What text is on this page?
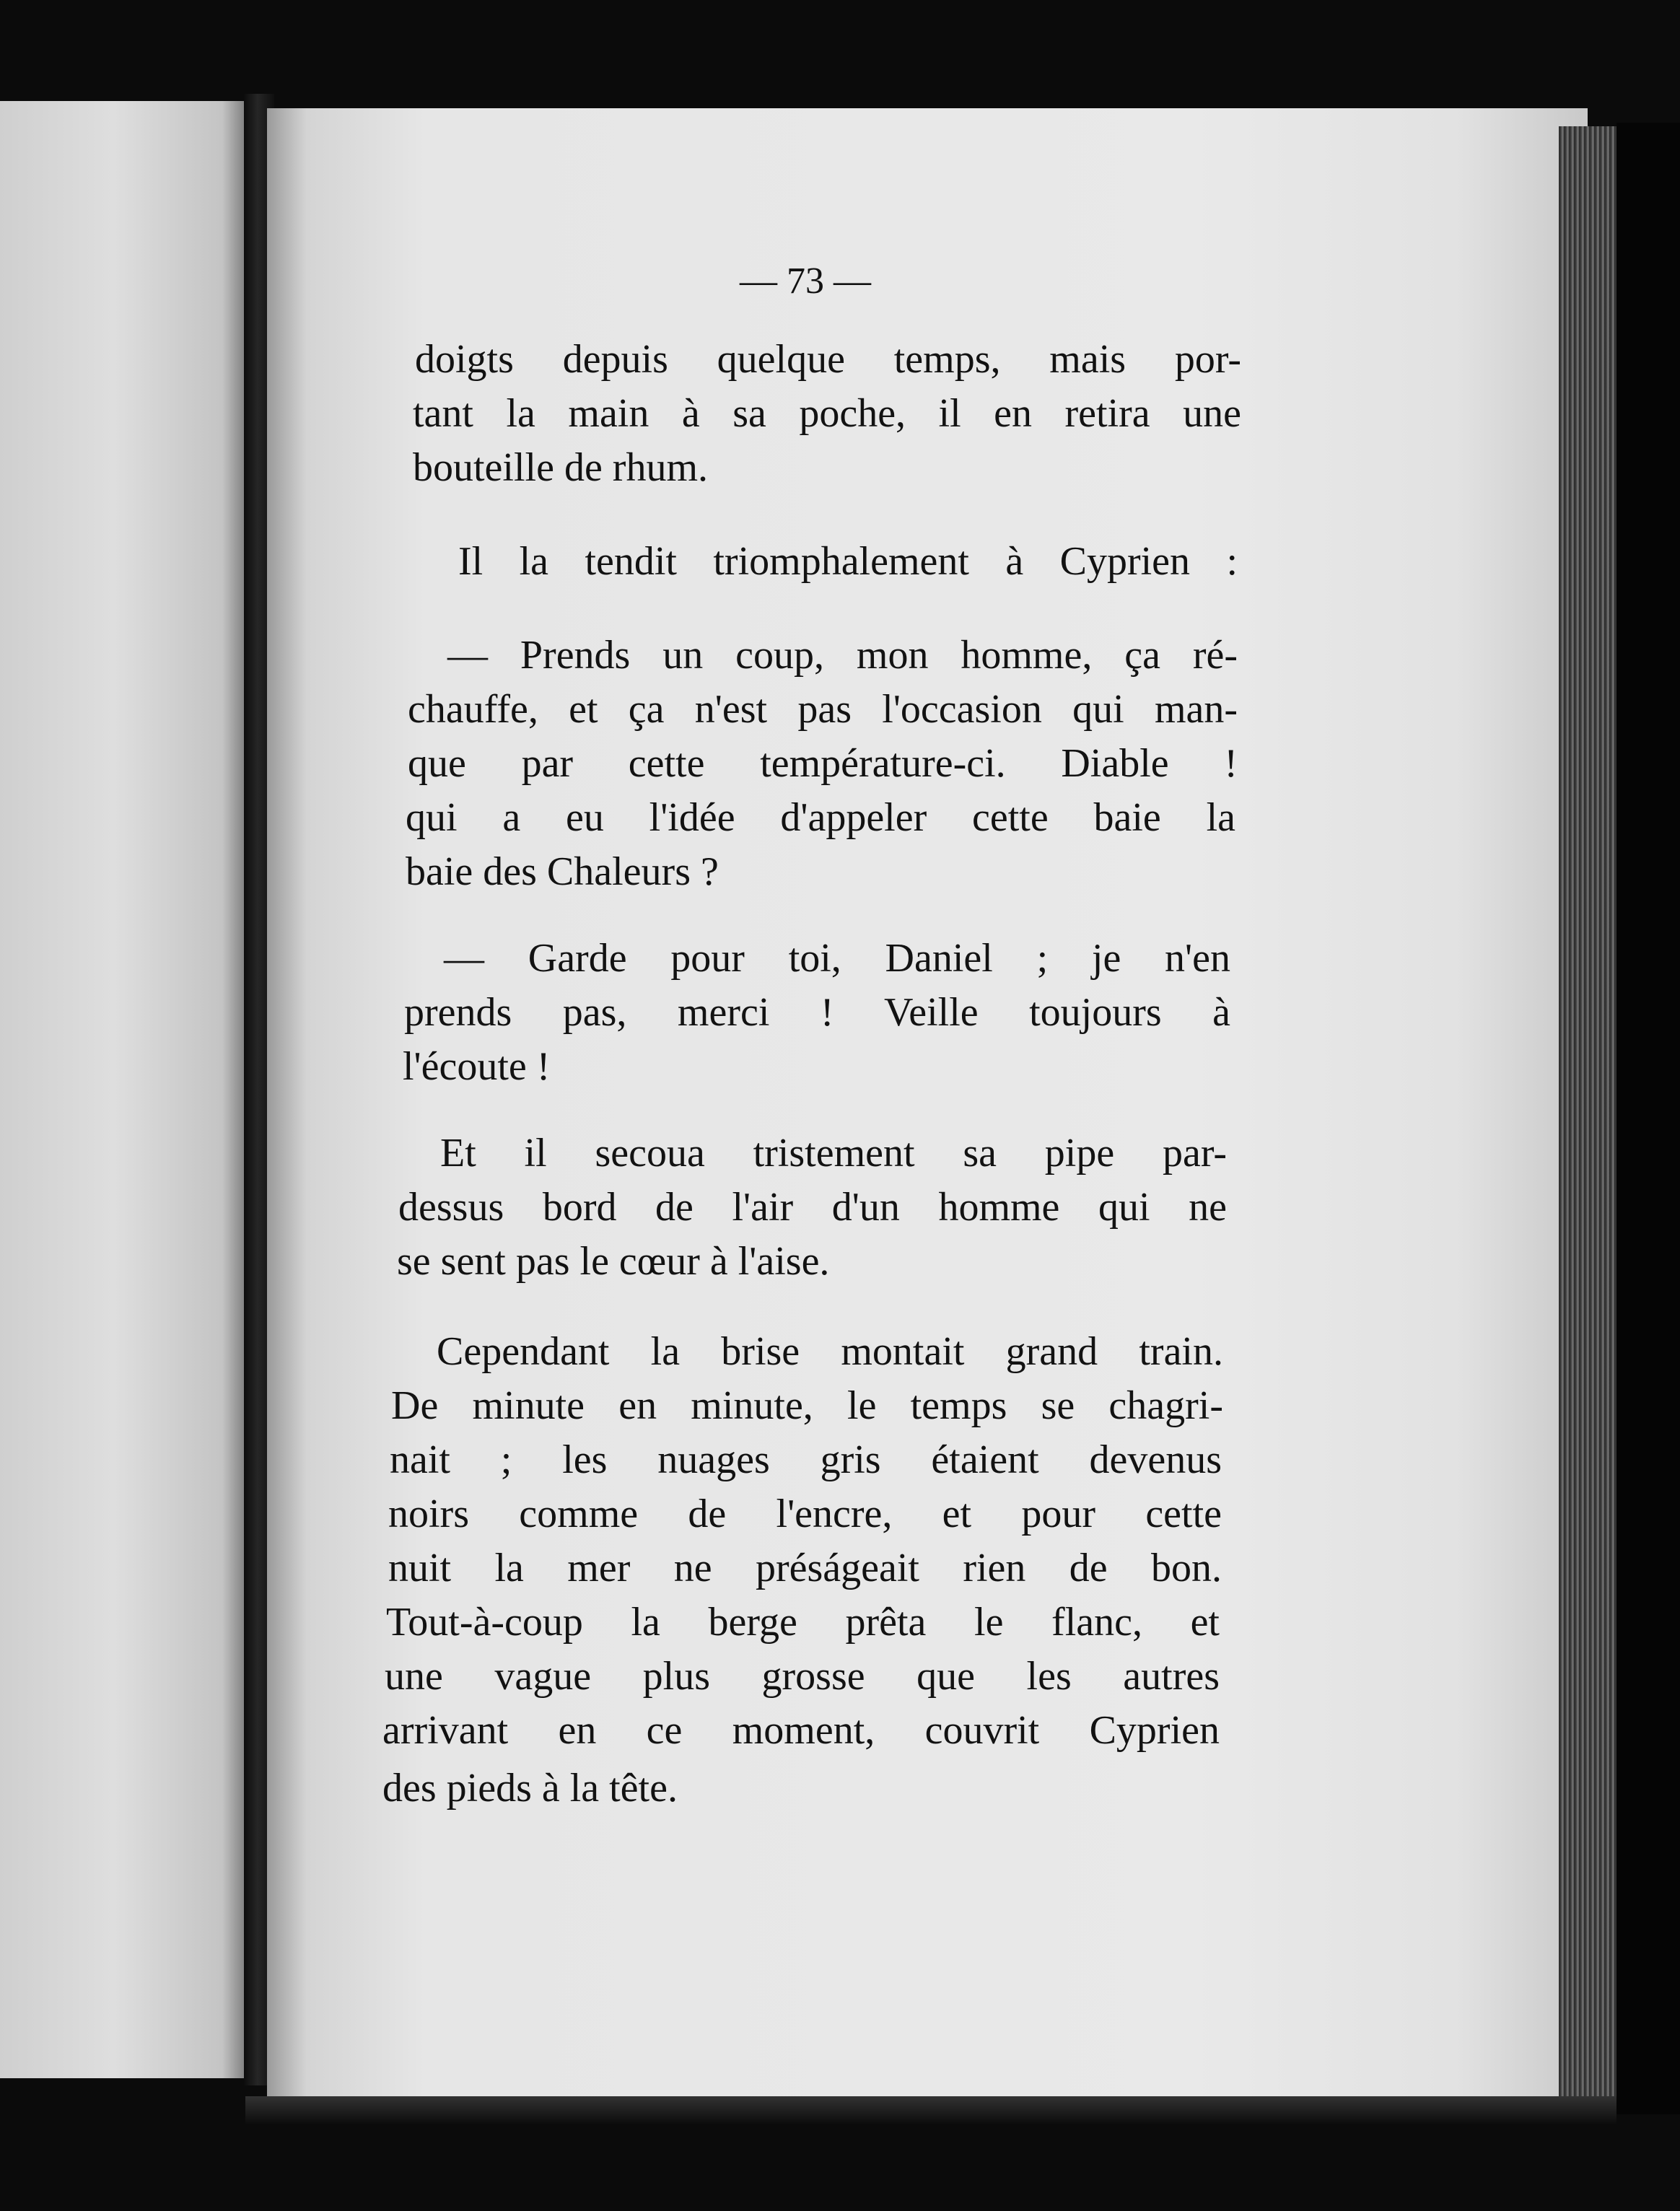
— 73 —
doigts depuis quelque temps, mais por-
tant la main à sa poche, il en retira une
bouteille de rhum.
Il la tendit triomphalement à Cyprien :
— Prends un coup, mon homme, ça ré-
chauffe, et ça n'est pas l'occasion qui man-
que par cette température-ci. Diable !
qui a eu l'idée d'appeler cette baie la
baie des Chaleurs ?
— Garde pour toi, Daniel ; je n'en
prends pas, merci ! Veille toujours à
l'écoute !
Et il secoua tristement sa pipe par-
dessus bord de l'air d'un homme qui ne
se sent pas le cœur à l'aise.
Cependant la brise montait grand train.
De minute en minute, le temps se chagri-
nait ; les nuages gris étaient devenus
noirs comme de l'encre, et pour cette
nuit la mer ne préságeait rien de bon.
Tout-à-coup la berge prêta le flanc, et
une vague plus grosse que les autres
arrivant en ce moment, couvrit Cyprien
des pieds à la tête.
